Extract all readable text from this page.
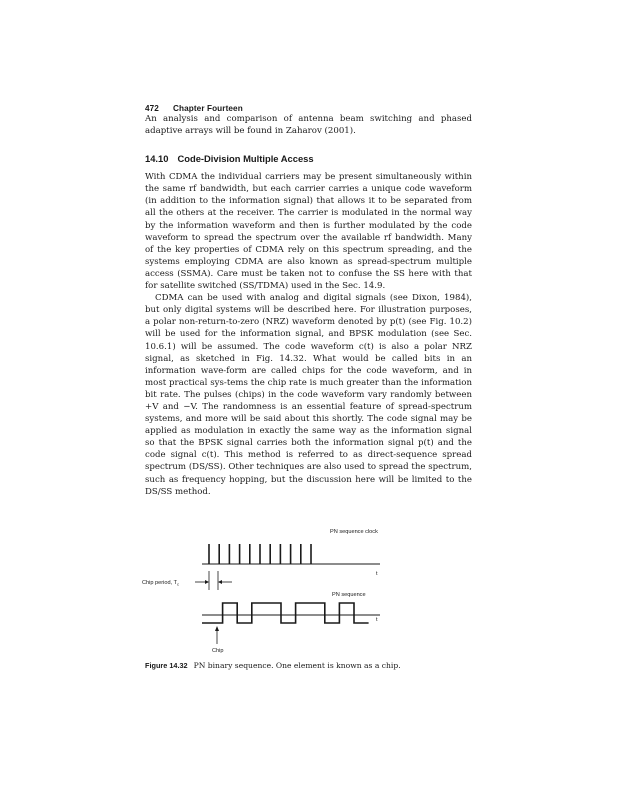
472 Chapter Fourteen

An analysis and comparison of antenna beam switching and phased adaptive arrays will be found in Zaharov (2001).

14.10 Code-Division Multiple Access

With CDMA the individual carriers may be present simultaneously within the same rf bandwidth, but each carrier carries a unique code waveform (in addition to the information signal) that allows it to be separated from all the others at the receiver. The carrier is modulated in the normal way by the information waveform and then is further modulated by the code waveform to spread the spectrum over the available rf bandwidth. Many of the key properties of CDMA rely on this spectrum spreading, and the systems employing CDMA are also known as spread-spectrum multiple access (SSMA). Care must be taken not to confuse the SS here with that for satellite switched (SS/TDMA) used in the Sec. 14.9.

CDMA can be used with analog and digital signals (see Dixon, 1984), but only digital systems will be described here. For illustration purposes, a polar non-return-to-zero (NRZ) waveform denoted by p(t) (see Fig. 10.2) will be used for the information signal, and BPSK modulation (see Sec. 10.6.1) will be assumed. The code waveform c(t) is also a polar NRZ signal, as sketched in Fig. 14.32. What would be called bits in an information wave-form are called chips for the code waveform, and in most practical sys-tems the chip rate is much greater than the information bit rate. The pulses (chips) in the code waveform vary randomly between +V and −V. The randomness is an essential feature of spread-spectrum systems, and more will be said about this shortly. The code signal may be applied as modulation in exactly the same way as the information signal so that the BPSK signal carries both the information signal p(t) and the code signal c(t). This method is referred to as direct-sequence spread spectrum (DS/SS). Other techniques are also used to spread the spectrum, such as frequency hopping, but the discussion here will be limited to the DS/SS method.

PN sequence clock
t
Chip period, $T_c$
PN sequence
t
Chip
Figure 14.32 PN binary sequence. One element is known as a chip.
